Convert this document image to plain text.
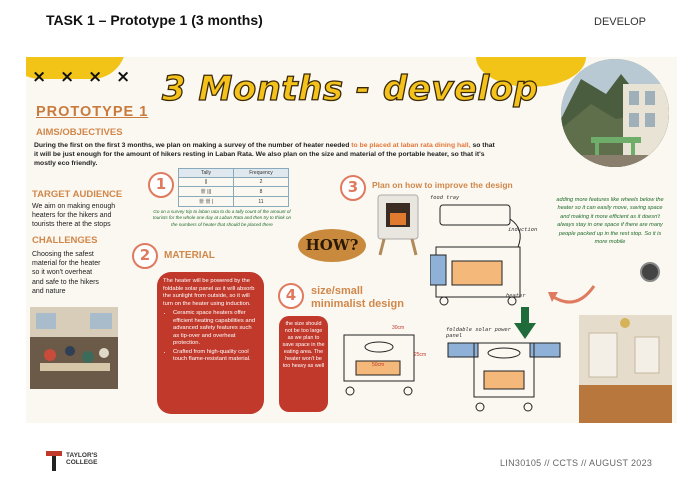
TASK 1 – Prototype 1 (3 months)	DEVELOP
× × × × 3 Months - develop
PROTOTYPE 1
AIMS/OBJECTIVES
During the first on the first 3 months, we plan on making a survey of the number of heater needed to be placed at laban rata dining hall, so that it will be just enough for the amount of hikers resting in Laban Rata. We also plan on the size and material of the portable heater, so that it's mostly eco friendly.
TARGET AUDIENCE
We aim on making enough heaters for the hikers and tourists there at the stops
CHALLENGES
Choosing the safest material for the heater so it won't overheat and safe to the hikers and nature
1
Tally	Frequency
||	2
卌 |||	8
卌 卌 |	11
Go on a survey trip to laban rata to do a tally count of the amount of tourists for the whole one day at Laban Rata and then try to think on the numbers of heater that should be placed there
2	MATERIAL
The heater will be powered by the foldable solar panel as it will absorb the sunlight from outside, so it will turn on the heater using induction.
• Ceramic space heaters offer efficient heating capabilities and advanced safety features such as tip-over and overheat protection.
• Crafted from high-quality cool touch flame-resistant material.
HOW?
3	Plan on how to improve the design
food tray
induction
heater
adding more features like wheels below the heater so it can easily move, saving space and making it more efficient as it doesn't always stay in one space if there are many people packed up in the rest stop. So it is more mobile
4	size/small
minimalist design
the size should not be too large as we plan to save space in the eating area. The heater won't be too heavy as well
30cm
50cm
25cm
foldable solar power panel
TAYLOR'S
COLLEGE	LIN30105 // CCTS // AUGUST 2023
